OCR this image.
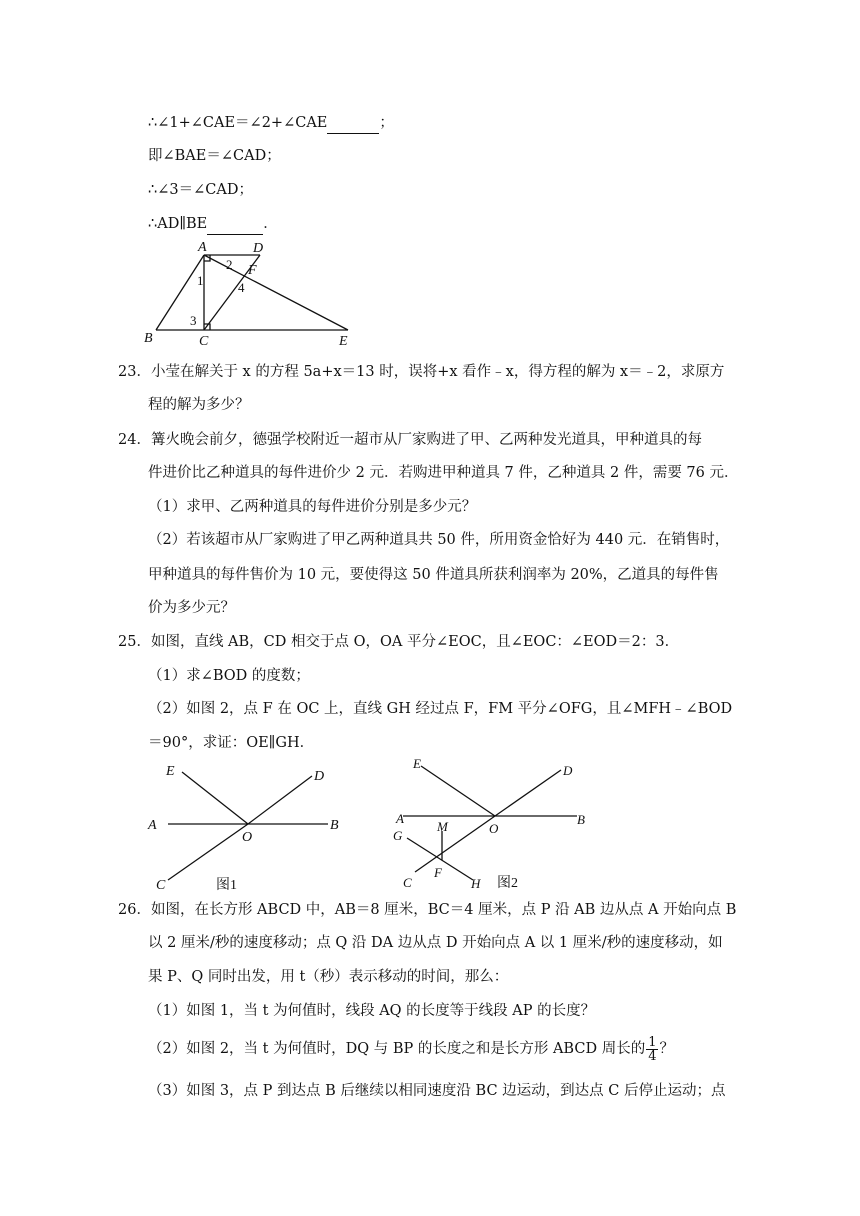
∴∠1+∠CAE＝∠2+∠CAE	；
即∠BAE＝∠CAD；
∴∠3＝∠CAD；
∴AD∥BE	．
A	D
F
B	C	E
2
1	4
3
23．小莹在解关于 x 的方程 5a+x＝13 时，误将+x 看作﹣x，得方程的解为 x＝﹣2，求原方
程的解为多少？
24．篝火晚会前夕，德强学校附近一超市从厂家购进了甲、乙两种发光道具，甲种道具的每
件进价比乙种道具的每件进价少 2 元．若购进甲种道具 7 件，乙种道具 2 件，需要 76 元．
（1）求甲、乙两种道具的每件进价分别是多少元？
（2）若该超市从厂家购进了甲乙两种道具共 50 件，所用资金恰好为 440 元．在销售时，
甲种道具的每件售价为 10 元，要使得这 50 件道具所获利润率为 20%，乙道具的每件售
价为多少元？
25．如图，直线 AB，CD 相交于点 O，OA 平分∠EOC，且∠EOC：∠EOD＝2：3．
（1）求∠BOD 的度数；
（2）如图 2，点 F 在 OC 上，直线 GH 经过点 F，FM 平分∠OFG，且∠MFH﹣∠BOD
＝90°，求证：OE∥GH．
E	D
A
O
B
C	图1
E	D
A
G
M	O
B
C
F
H 图2
26．如图，在长方形 ABCD 中，AB＝8 厘米，BC＝4 厘米，点 P 沿 AB 边从点 A 开始向点 B
以 2 厘米/秒的速度移动；点 Q 沿 DA 边从点 D 开始向点 A 以 1 厘米/秒的速度移动，如
果 P、Q 同时出发，用 t（秒）表示移动的时间，那么：
（1）如图 1，当 t 为何值时，线段 AQ 的长度等于线段 AP 的长度？
（2）如图 2，当 t 为何值时，DQ 与 BP 的长度之和是长方形 ABCD 周长的 $\frac{1}{4}$ ？
（3）如图 3，点 P 到达点 B 后继续以相同速度沿 BC 边运动，到达点 C 后停止运动；点
